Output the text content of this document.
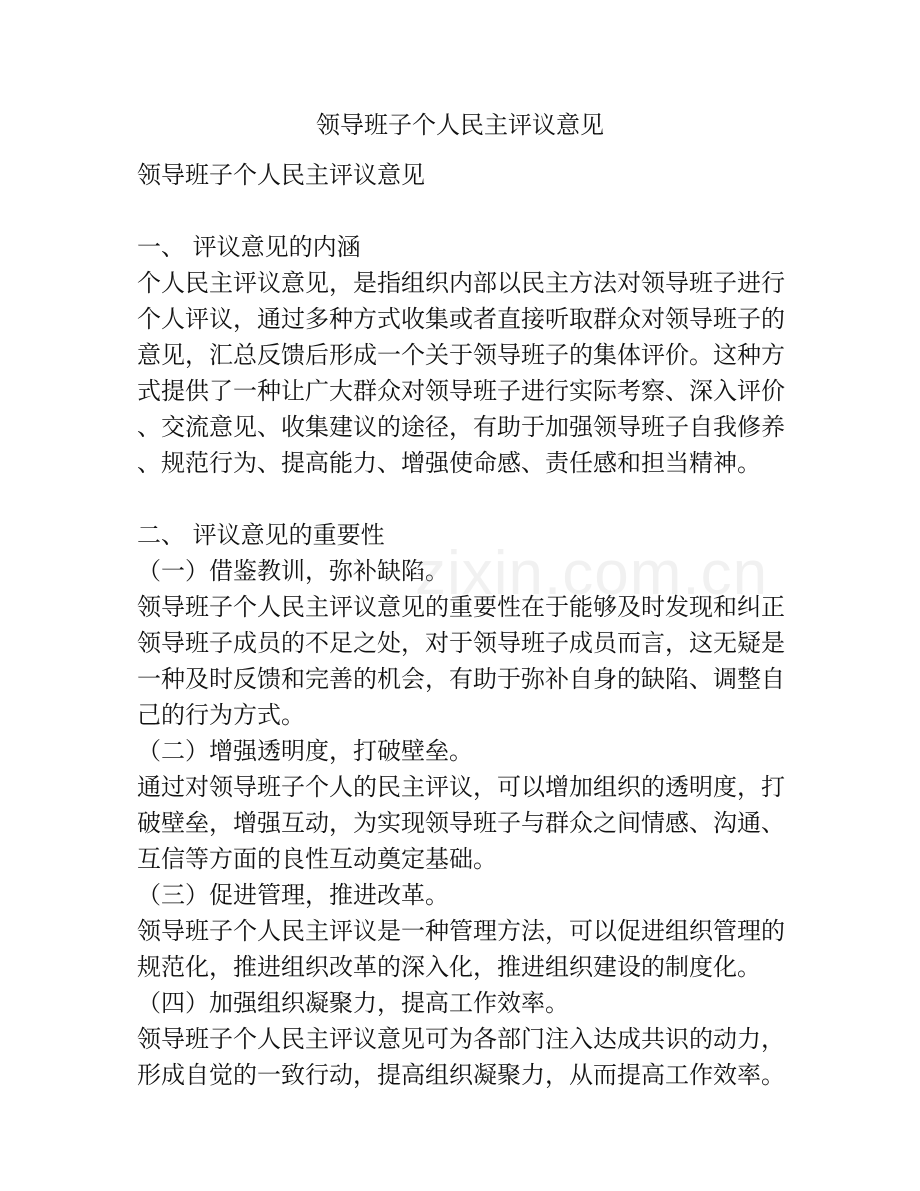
领导班子个人民主评议意见
领导班子个人民主评议意见
一、 评议意见的内涵
个人民主评议意见，是指组织内部以民主方法对领导班子进行
个人评议，通过多种方式收集或者直接听取群众对领导班子的
意见，汇总反馈后形成一个关于领导班子的集体评价。这种方
式提供了一种让广大群众对领导班子进行实际考察、深入评价
、交流意见、收集建议的途径，有助于加强领导班子自我修养
、规范行为、提高能力、增强使命感、责任感和担当精神。
二、 评议意见的重要性
（一）借鉴教训，弥补缺陷。
领导班子个人民主评议意见的重要性在于能够及时发现和纠正
领导班子成员的不足之处，对于领导班子成员而言，这无疑是
一种及时反馈和完善的机会，有助于弥补自身的缺陷、调整自
己的行为方式。
（二）增强透明度，打破壁垒。
通过对领导班子个人的民主评议，可以增加组织的透明度，打
破壁垒，增强互动，为实现领导班子与群众之间情感、沟通、
互信等方面的良性互动奠定基础。
（三）促进管理，推进改革。
领导班子个人民主评议是一种管理方法，可以促进组织管理的
规范化，推进组织改革的深入化，推进组织建设的制度化。
（四）加强组织凝聚力，提高工作效率。
领导班子个人民主评议意见可为各部门注入达成共识的动力，
形成自觉的一致行动，提高组织凝聚力，从而提高工作效率。
zixin.com.cn
